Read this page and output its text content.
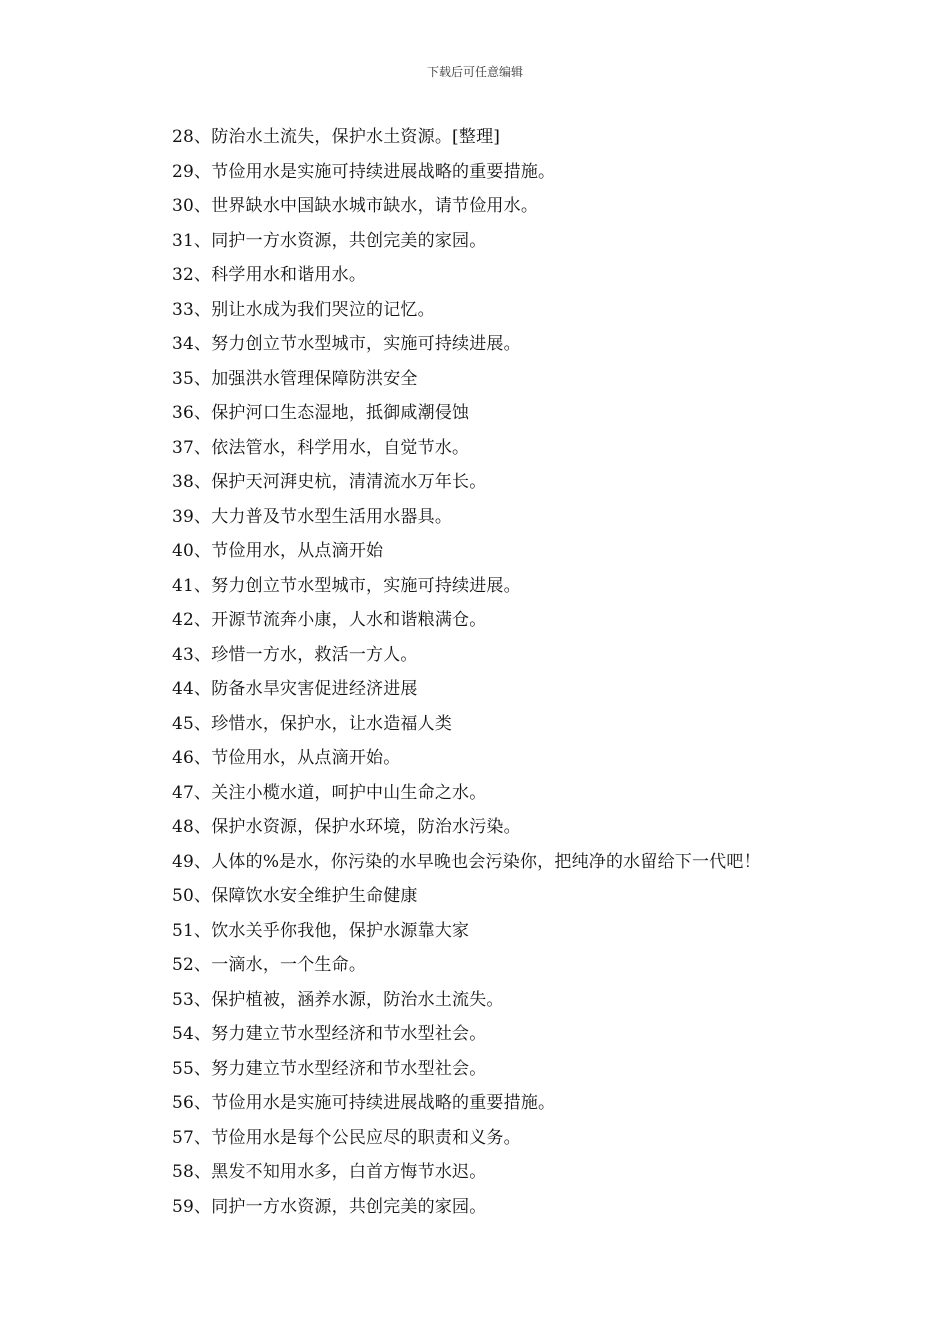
下载后可任意编辑
28、防治水土流失，保护水土资源。[整理]
29、节俭用水是实施可持续进展战略的重要措施。
30、世界缺水中国缺水城市缺水，请节俭用水。
31、同护一方水资源，共创完美的家园。
32、科学用水和谐用水。
33、别让水成为我们哭泣的记忆。
34、努力创立节水型城市，实施可持续进展。
35、加强洪水管理保障防洪安全
36、保护河口生态湿地，抵御咸潮侵蚀
37、依法管水，科学用水，自觉节水。
38、保护天河湃史杭，清清流水万年长。
39、大力普及节水型生活用水器具。
40、节俭用水，从点滴开始
41、努力创立节水型城市，实施可持续进展。
42、开源节流奔小康，人水和谐粮满仓。
43、珍惜一方水，救活一方人。
44、防备水旱灾害促进经济进展
45、珍惜水，保护水，让水造福人类
46、节俭用水，从点滴开始。
47、关注小榄水道，呵护中山生命之水。
48、保护水资源，保护水环境，防治水污染。
49、人体的%是水，你污染的水早晚也会污染你，把纯净的水留给下一代吧！
50、保障饮水安全维护生命健康
51、饮水关乎你我他，保护水源靠大家
52、一滴水，一个生命。
53、保护植被，涵养水源，防治水土流失。
54、努力建立节水型经济和节水型社会。
55、努力建立节水型经济和节水型社会。
56、节俭用水是实施可持续进展战略的重要措施。
57、节俭用水是每个公民应尽的职责和义务。
58、黑发不知用水多，白首方悔节水迟。
59、同护一方水资源，共创完美的家园。
